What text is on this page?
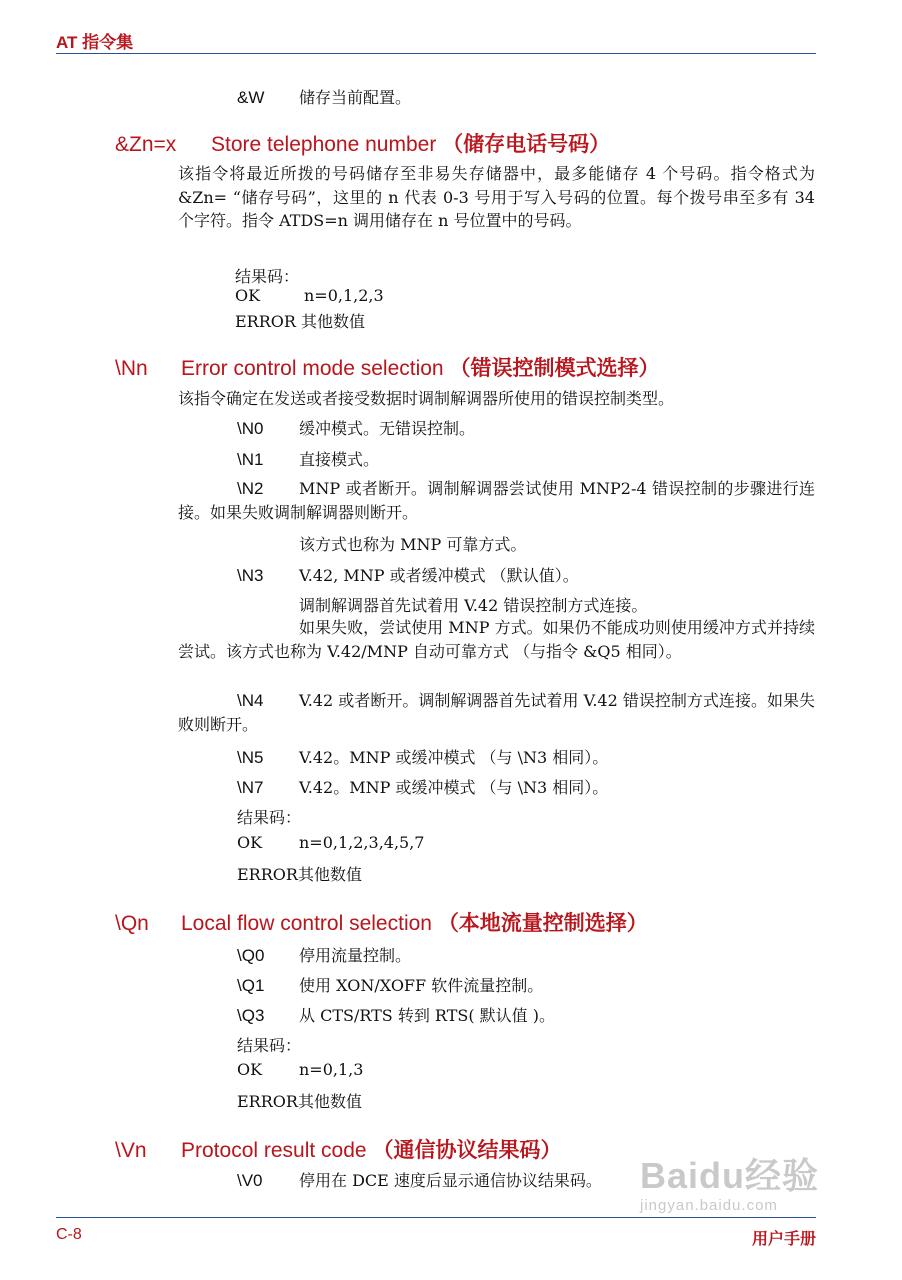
AT 指令集
&W 储存当前配置。
&Zn=x Store telephone number （储存电话号码）
该指令将最近所拨的号码储存至非易失存储器中，最多能储存 4 个号码。指令格式为 &Zn= “储存号码”，这里的 n 代表 0-3 号用于写入号码的位置。每个拨号串至多有 34 个字符。指令 ATDS=n 调用储存在 n 号位置中的号码。
结果码：
OK	n=0,1,2,3
ERROR 其他数值
\Nn Error control mode selection （错误控制模式选择）
该指令确定在发送或者接受数据时调制解调器所使用的错误控制类型。
\N0 缓冲模式。无错误控制。
\N1 直接模式。
\N2 MNP 或者断开。调制解调器尝试使用 MNP2-4 错误控制的步骤进行连接。如果失败调制解调器则断开。
该方式也称为 MNP 可靠方式。
\N3 V.42, MNP 或者缓冲模式 （默认值）。
调制解调器首先试着用 V.42 错误控制方式连接。
如果失败，尝试使用 MNP 方式。如果仍不能成功则使用缓冲方式并持续尝试。该方式也称为 V.42/MNP 自动可靠方式 （与指令 &Q5 相同）。
\N4 V.42 或者断开。调制解调器首先试着用 V.42 错误控制方式连接。如果失败则断开。
\N5 V.42。MNP 或缓冲模式 （与 \N3 相同）。
\N7 V.42。MNP 或缓冲模式 （与 \N3 相同）。
结果码：
OK n=0,1,2,3,4,5,7
ERROR其他数值
\Qn Local flow control selection （本地流量控制选择）
\Q0 停用流量控制。
\Q1 使用 XON/XOFF 软件流量控制。
\Q3 从 CTS/RTS 转到 RTS( 默认值 )。
结果码：
OK n=0,1,3
ERROR其他数值
\Vn Protocol result code （通信协议结果码）
\V0 停用在 DCE 速度后显示通信协议结果码。 Baidu经验
jingyan.baidu.com
C-8	用户手册
